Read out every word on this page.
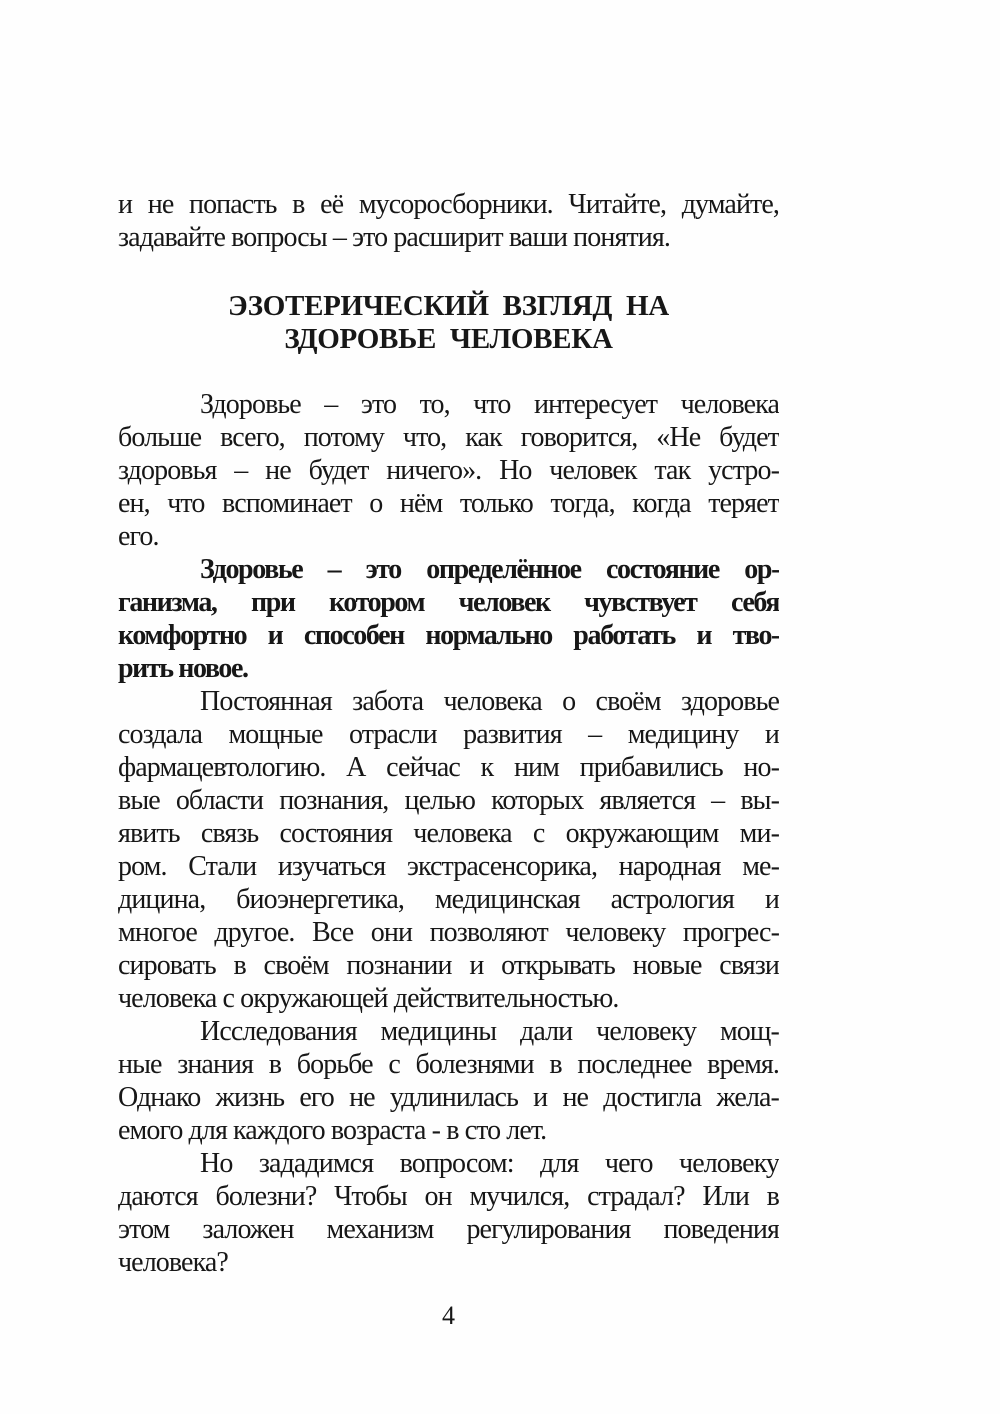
и не попасть в её мусоросборники. Читайте, думайте,
задавайте вопросы – это расширит ваши понятия.
ЭЗОТЕРИЧЕСКИЙ ВЗГЛЯД НА
ЗДОРОВЬЕ ЧЕЛОВЕКА
Здоровье – это то, что интересует человека
больше всего, потому что, как говорится, «Не будет
здоровья – не будет ничего». Но человек так устро-
ен, что вспоминает о нём только тогда, когда теряет
его.
Здоровье – это определённое состояние ор-
ганизма, при котором человек чувствует себя
комфортно и способен нормально работать и тво-
рить новое.
Постоянная забота человека о своём здоровье
создала мощные отрасли развития – медицину и
фармацевтологию. А сейчас к ним прибавились но-
вые области познания, целью которых является – вы-
явить связь состояния человека с окружающим ми-
ром. Стали изучаться экстрасенсорика, народная ме-
дицина, биоэнергетика, медицинская астрология и
многое другое. Все они позволяют человеку прогрес-
сировать в своём познании и открывать новые связи
человека с окружающей действительностью.
Исследования медицины дали человеку мощ-
ные знания в борьбе с болезнями в последнее время.
Однако жизнь его не удлинилась и не достигла жела-
емого для каждого возраста - в сто лет.
Но зададимся вопросом: для чего человеку
даются болезни? Чтобы он мучился, страдал? Или в
этом заложен механизм регулирования поведения
человека?
4
